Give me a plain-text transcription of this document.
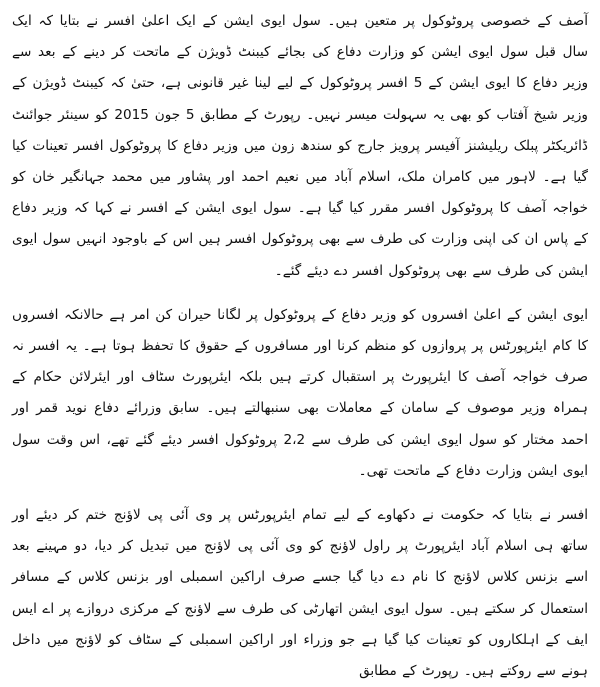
آصف کے خصوصی پروٹوکول پر متعین ہیں۔ سول ایوی ایشن کے ایک اعلیٰ افسر نے بتایا کہ ایک سال قبل سول ایوی ایشن کو وزارت دفاع کی بجائے کیبنٹ ڈویژن کے ماتحت کر دینے کے بعد سے وزیر دفاع کا ایوی ایشن کے 5 افسر پروٹوکول کے لیے لینا غیر قانونی ہے، حتیٰ کہ کیبنٹ ڈویژن کے وزیر شیخ آفتاب کو بھی یہ سہولت میسر نہیں۔ رپورٹ کے مطابق 5 جون 2015 کو سینئر جوائنٹ ڈائریکٹر پبلک ریلیشنز آفیسر پرویز جارج کو سندھ زون میں وزیر دفاع کا پروٹوکول افسر تعینات کیا گیا ہے۔ لاہور میں کامران ملک، اسلام آباد میں نعیم احمد اور پشاور میں محمد جہانگیر خان کو خواجہ آصف کا پروٹوکول افسر مقرر کیا گیا ہے۔ سول ایوی ایشن کے افسر نے کہا کہ وزیر دفاع کے پاس ان کی اپنی وزارت کی طرف سے بھی پروٹوکول افسر ہیں اس کے باوجود انہیں سول ایوی ایشن کی طرف سے بھی پروٹوکول افسر دے دیئے گئے۔

ایوی ایشن کے اعلیٰ افسروں کو وزیر دفاع کے پروٹوکول پر لگانا حیران کن امر ہے حالانکہ افسروں کا کام ایئرپورٹس پر پروازوں کو منظم کرنا اور مسافروں کے حقوق کا تحفظ ہوتا ہے۔ یہ افسر نہ صرف خواجہ آصف کا ایئرپورٹ پر استقبال کرتے ہیں بلکہ ایئرپورٹ سٹاف اور ایئرلائن حکام کے ہمراہ وزیر موصوف کے سامان کے معاملات بھی سنبھالتے ہیں۔ سابق وزرائے دفاع نوید قمر اور احمد مختار کو سول ایوی ایشن کی طرف سے 2،2 پروٹوکول افسر دیئے گئے تھے، اس وقت سول ایوی ایشن وزارت دفاع کے ماتحت تھی۔

افسر نے بتایا کہ حکومت نے دکھاوے کے لیے تمام ایئرپورٹس پر وی آئی پی لاؤنج ختم کر دیئے اور ساتھ ہی اسلام آباد ایئرپورٹ پر راول لاؤنج کو وی آئی پی لاؤنج میں تبدیل کر دیا، دو مہینے بعد اسے بزنس کلاس لاؤنج کا نام دے دیا گیا جسے صرف اراکین اسمبلی اور بزنس کلاس کے مسافر استعمال کر سکتے ہیں۔ سول ایوی ایشن اتھارٹی کی طرف سے لاؤنج کے مرکزی دروازے پر اے ایس ایف کے اہلکاروں کو تعینات کیا گیا ہے جو وزراء اور اراکین اسمبلی کے سٹاف کو لاؤنج میں داخل ہونے سے روکتے ہیں۔ رپورٹ کے مطابق
